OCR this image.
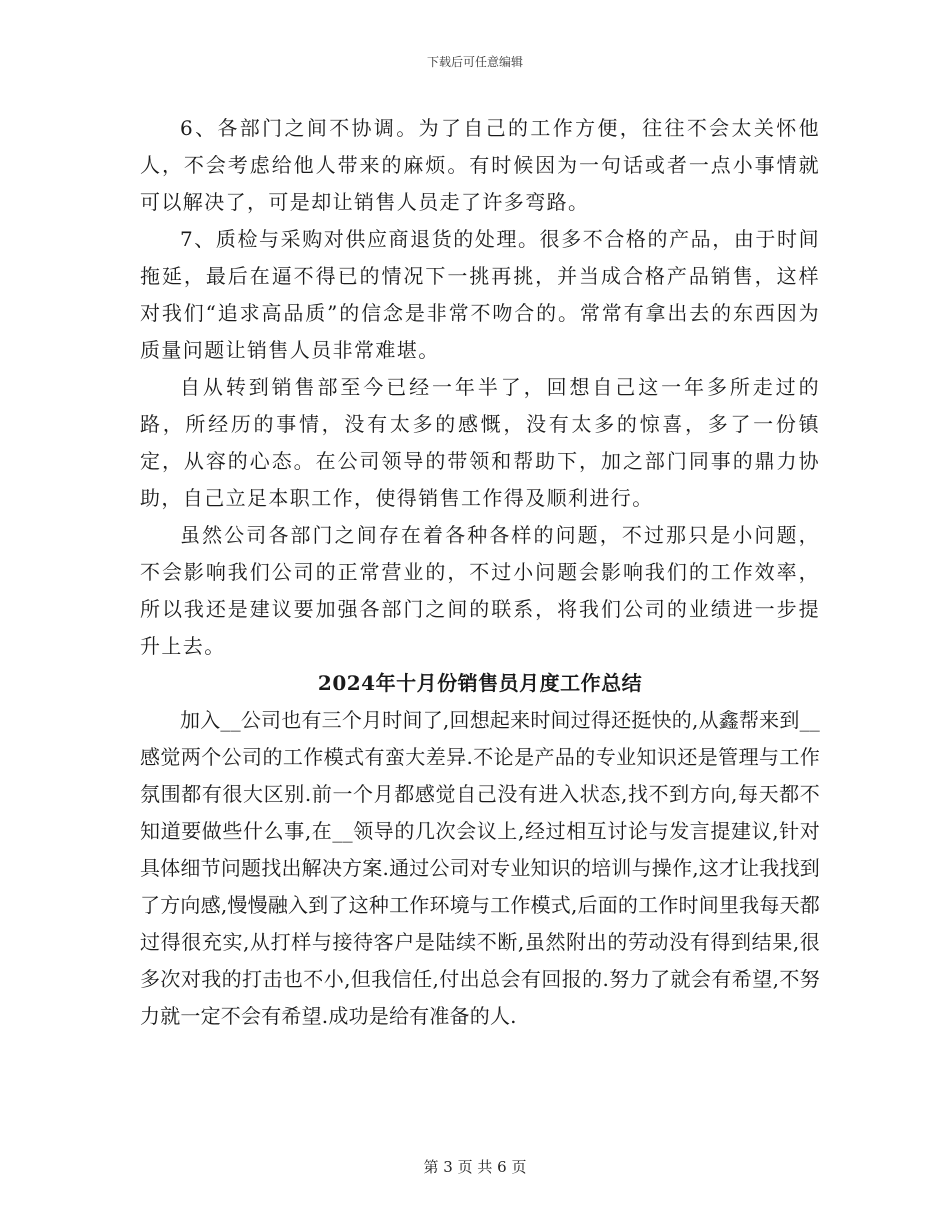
下载后可任意编辑

6、各部门之间不协调。为了自己的工作方便，往往不会太关怀他人，不会考虑给他人带来的麻烦。有时候因为一句话或者一点小事情就可以解决了，可是却让销售人员走了许多弯路。

7、质检与采购对供应商退货的处理。很多不合格的产品，由于时间拖延，最后在逼不得已的情况下一挑再挑，并当成合格产品销售，这样对我们“追求高品质”的信念是非常不吻合的。常常有拿出去的东西因为质量问题让销售人员非常难堪。

自从转到销售部至今已经一年半了，回想自己这一年多所走过的路，所经历的事情，没有太多的感慨，没有太多的惊喜，多了一份镇定，从容的心态。在公司领导的带领和帮助下，加之部门同事的鼎力协助，自己立足本职工作，使得销售工作得及顺利进行。

虽然公司各部门之间存在着各种各样的问题，不过那只是小问题，不会影响我们公司的正常营业的，不过小问题会影响我们的工作效率，所以我还是建议要加强各部门之间的联系，将我们公司的业绩进一步提升上去。

2024年十月份销售员月度工作总结

加入__公司也有三个月时间了,回想起来时间过得还挺快的,从鑫帮来到__感觉两个公司的工作模式有蛮大差异.不论是产品的专业知识还是管理与工作氛围都有很大区别.前一个月都感觉自己没有进入状态,找不到方向,每天都不知道要做些什么事,在__领导的几次会议上,经过相互讨论与发言提建议,针对具体细节问题找出解决方案.通过公司对专业知识的培训与操作,这才让我找到了方向感,慢慢融入到了这种工作环境与工作模式,后面的工作时间里我每天都过得很充实,从打样与接待客户是陆续不断,虽然附出的劳动没有得到结果,很多次对我的打击也不小,但我信任,付出总会有回报的.努力了就会有希望,不努力就一定不会有希望.成功是给有准备的人.

第 3 页 共 6 页
